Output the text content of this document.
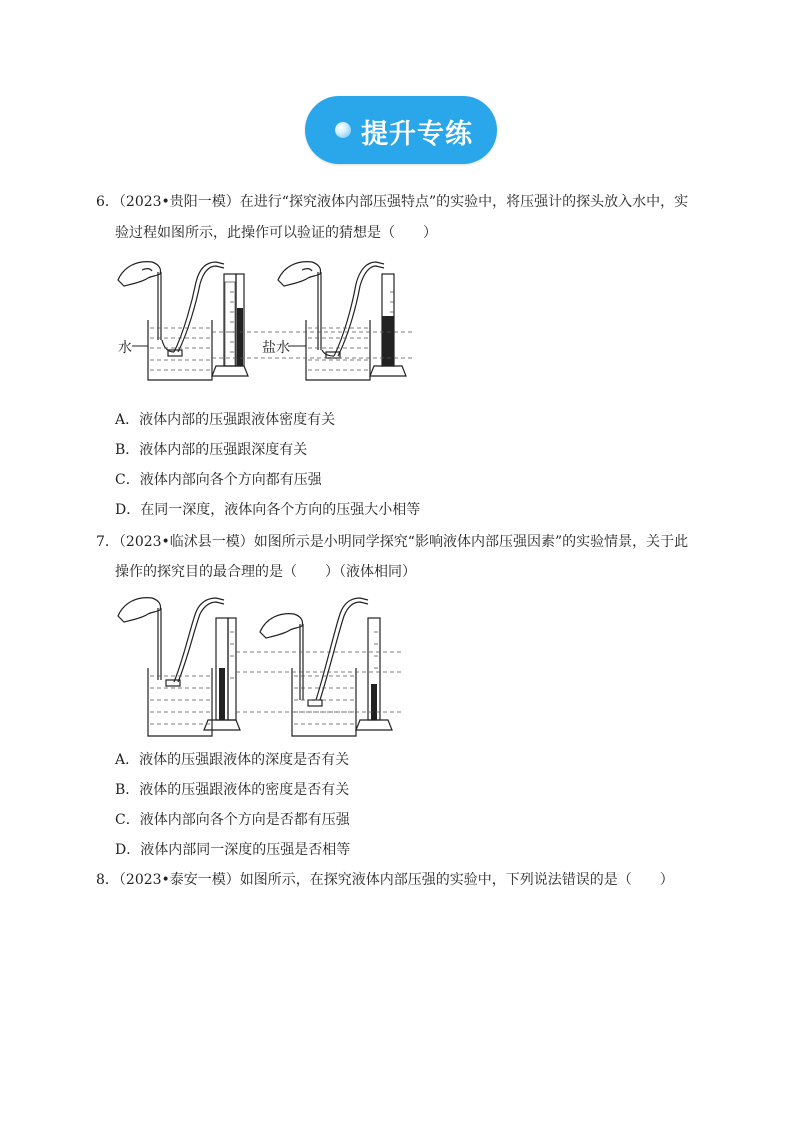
提升专练
6．（2023•贵阳一模）在进行“探究液体内部压强特点”的实验中，将压强计的探头放入水中，实
验过程如图所示，此操作可以验证的猜想是（　　）
水	盐水
A．液体内部的压强跟液体密度有关
B．液体内部的压强跟深度有关
C．液体内部向各个方向都有压强
D．在同一深度，液体向各个方向的压强大小相等
7．（2023•临沭县一模）如图所示是小明同学探究“影响液体内部压强因素”的实验情景，关于此
操作的探究目的最合理的是（　　）（液体相同）
A．液体的压强跟液体的深度是否有关
B．液体的压强跟液体的密度是否有关
C．液体内部向各个方向是否都有压强
D．液体内部同一深度的压强是否相等
8．（2023•泰安一模）如图所示，在探究液体内部压强的实验中，下列说法错误的是（　　）
